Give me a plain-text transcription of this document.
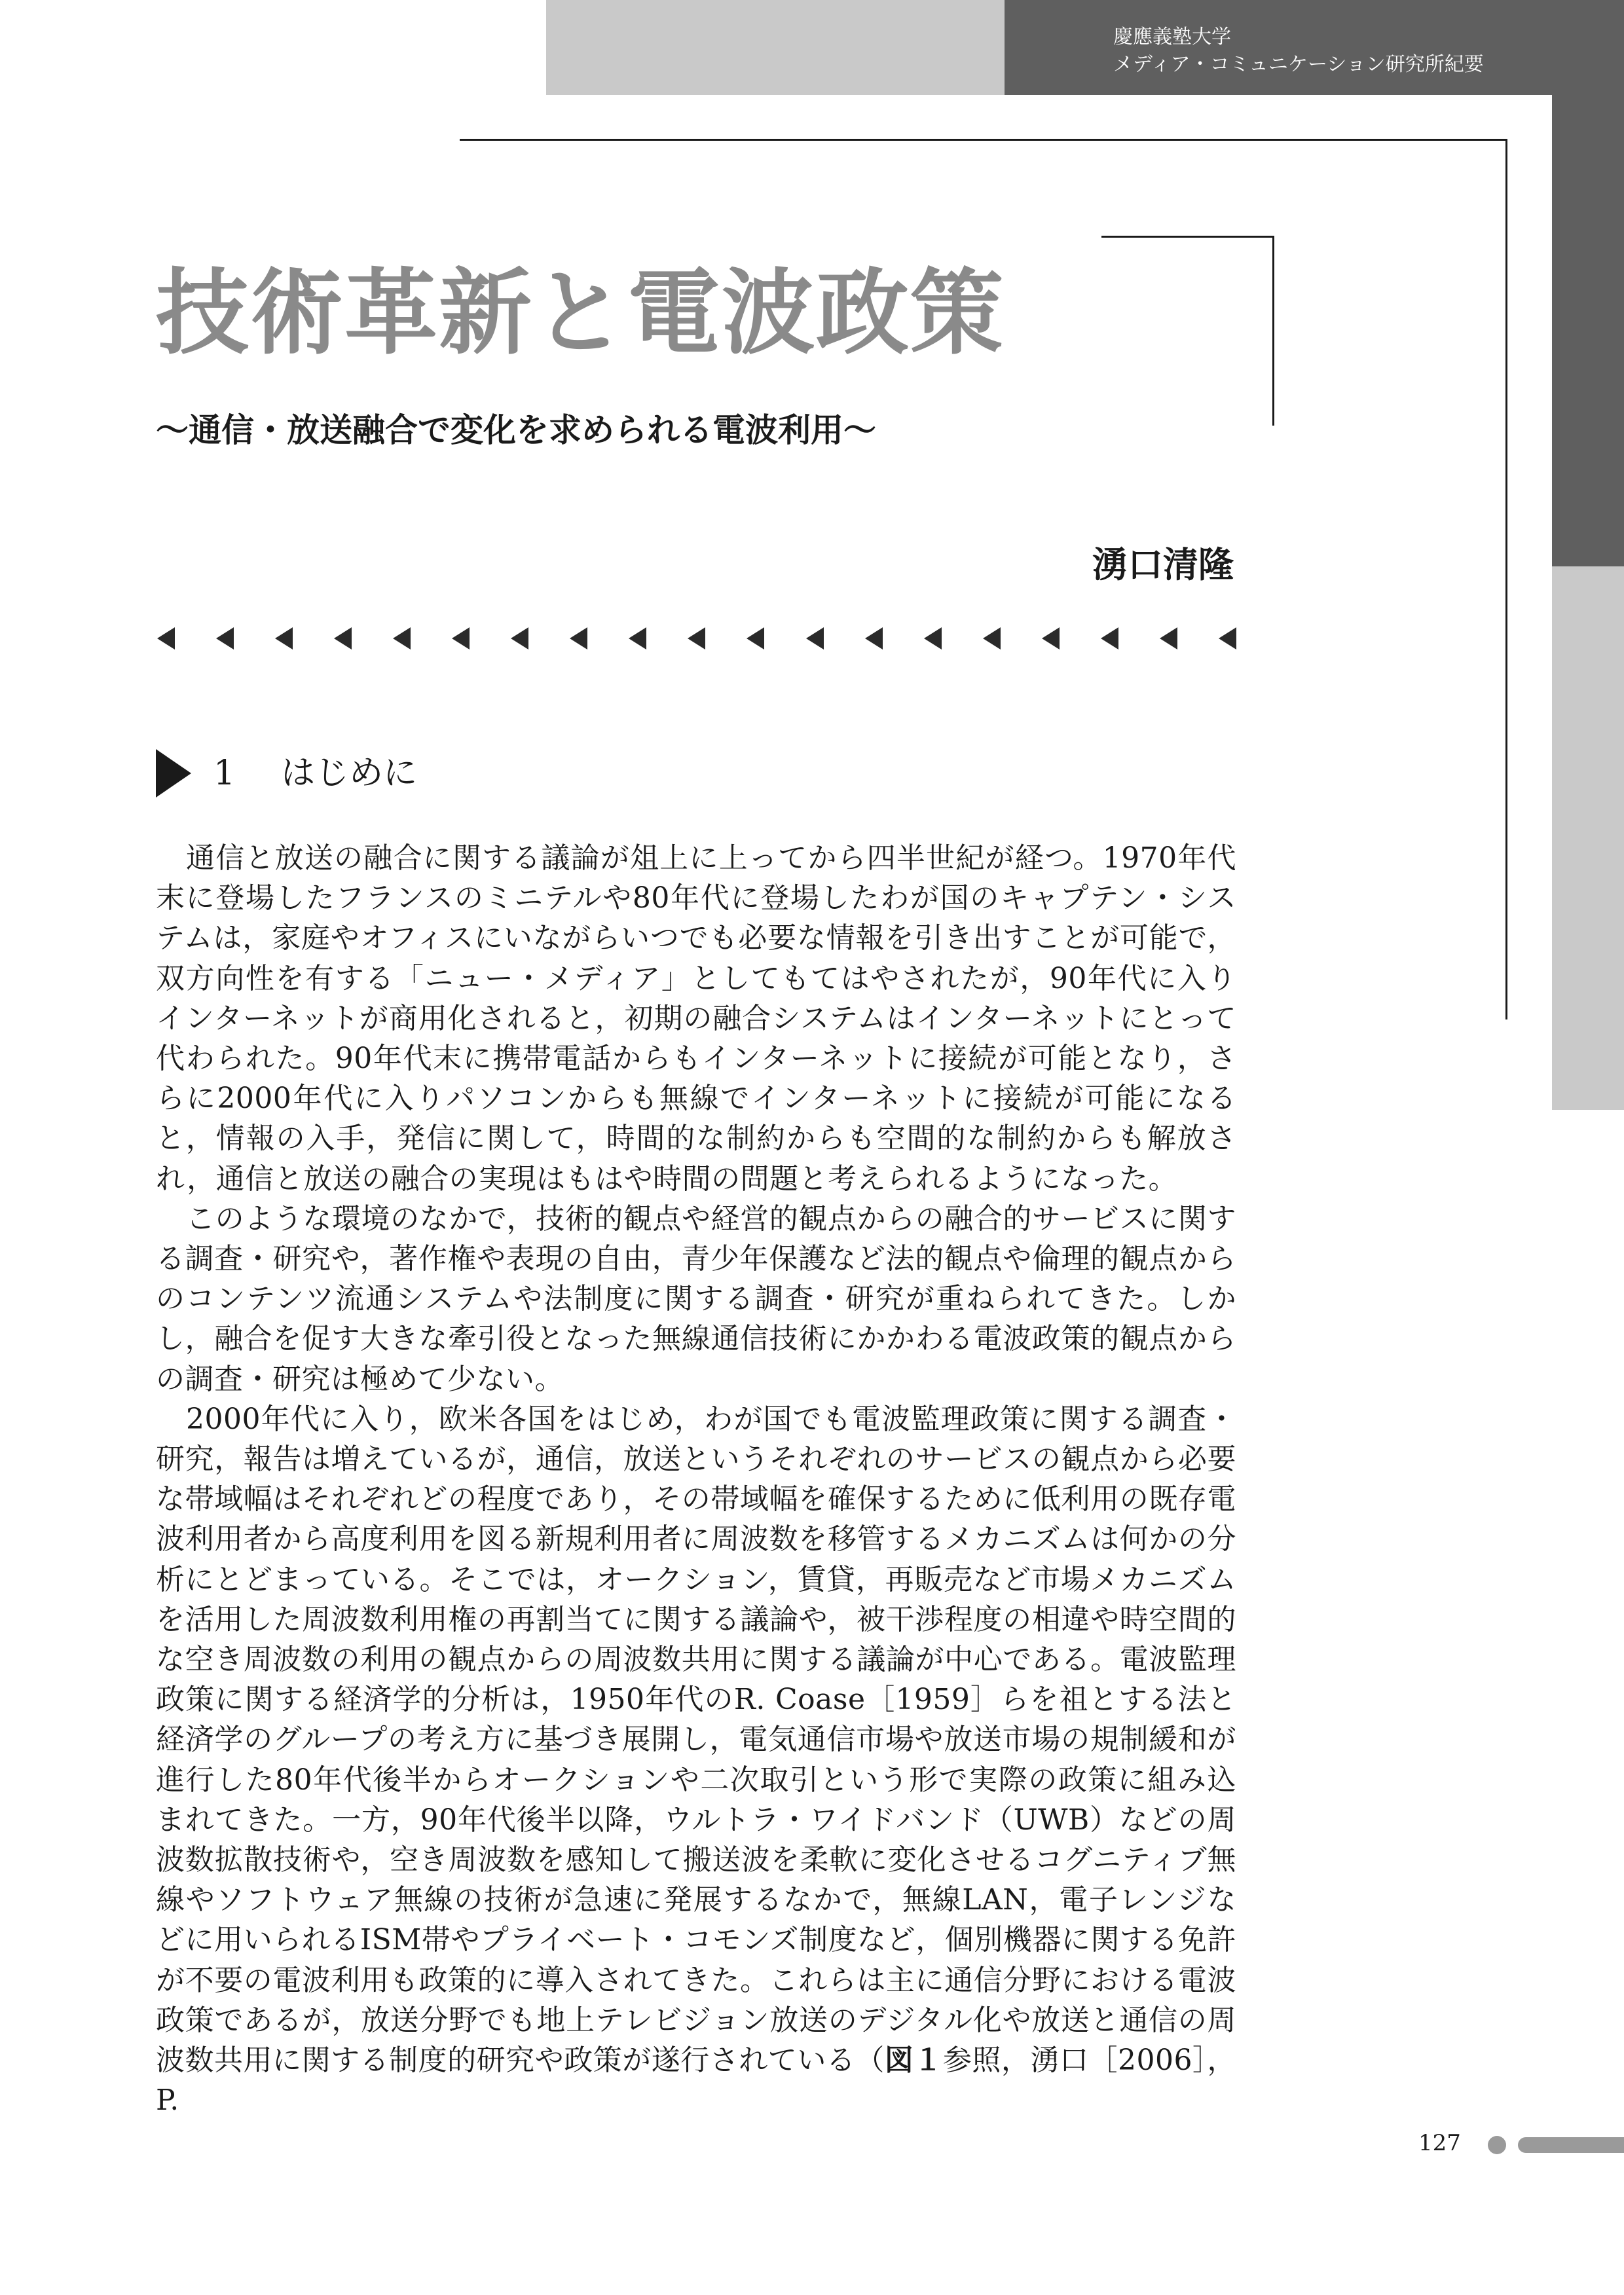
慶應義塾大学
メディア・コミュニケーション研究所紀要
技術革新と電波政策
〜通信・放送融合で変化を求められる電波利用〜
湧口清隆
1 はじめに

通信と放送の融合に関する議論が俎上に上ってから四半世紀が経つ。1970年代末に登場したフランスのミニテルや80年代に登場したわが国のキャプテン・システムは，家庭やオフィスにいながらいつでも必要な情報を引き出すことが可能で，双方向性を有する「ニュー・メディア」としてもてはやされたが，90年代に入りインターネットが商用化されると，初期の融合システムはインターネットにとって代わられた。90年代末に携帯電話からもインターネットに接続が可能となり，さらに2000年代に入りパソコンからも無線でインターネットに接続が可能になると，情報の入手，発信に関して，時間的な制約からも空間的な制約からも解放され，通信と放送の融合の実現はもはや時間の問題と考えられるようになった。

このような環境のなかで，技術的観点や経営的観点からの融合的サービスに関する調査・研究や，著作権や表現の自由，青少年保護など法的観点や倫理的観点からのコンテンツ流通システムや法制度に関する調査・研究が重ねられてきた。しかし，融合を促す大きな牽引役となった無線通信技術にかかわる電波政策的観点からの調査・研究は極めて少ない。

2000年代に入り，欧米各国をはじめ，わが国でも電波監理政策に関する調査・研究，報告は増えているが，通信，放送というそれぞれのサービスの観点から必要な帯域幅はそれぞれどの程度であり，その帯域幅を確保するために低利用の既存電波利用者から高度利用を図る新規利用者に周波数を移管するメカニズムは何かの分析にとどまっている。そこでは，オークション，賃貸，再販売など市場メカニズムを活用した周波数利用権の再割当てに関する議論や，被干渉程度の相違や時空間的な空き周波数の利用の観点からの周波数共用に関する議論が中心である。電波監理政策に関する経済学的分析は，1950年代のR. Coase［1959］らを祖とする法と経済学のグループの考え方に基づき展開し，電気通信市場や放送市場の規制緩和が進行した80年代後半からオークションや二次取引という形で実際の政策に組み込まれてきた。一方，90年代後半以降，ウルトラ・ワイドバンド（UWB）などの周波数拡散技術や，空き周波数を感知して搬送波を柔軟に変化させるコグニティブ無線やソフトウェア無線の技術が急速に発展するなかで，無線LAN，電子レンジなどに用いられるISM帯やプライベート・コモンズ制度など，個別機器に関する免許が不要の電波利用も政策的に導入されてきた。これらは主に通信分野における電波政策であるが，放送分野でも地上テレビジョン放送のデジタル化や放送と通信の周波数共用に関する制度的研究や政策が遂行されている（図１参照，湧口［2006］，P.

127
